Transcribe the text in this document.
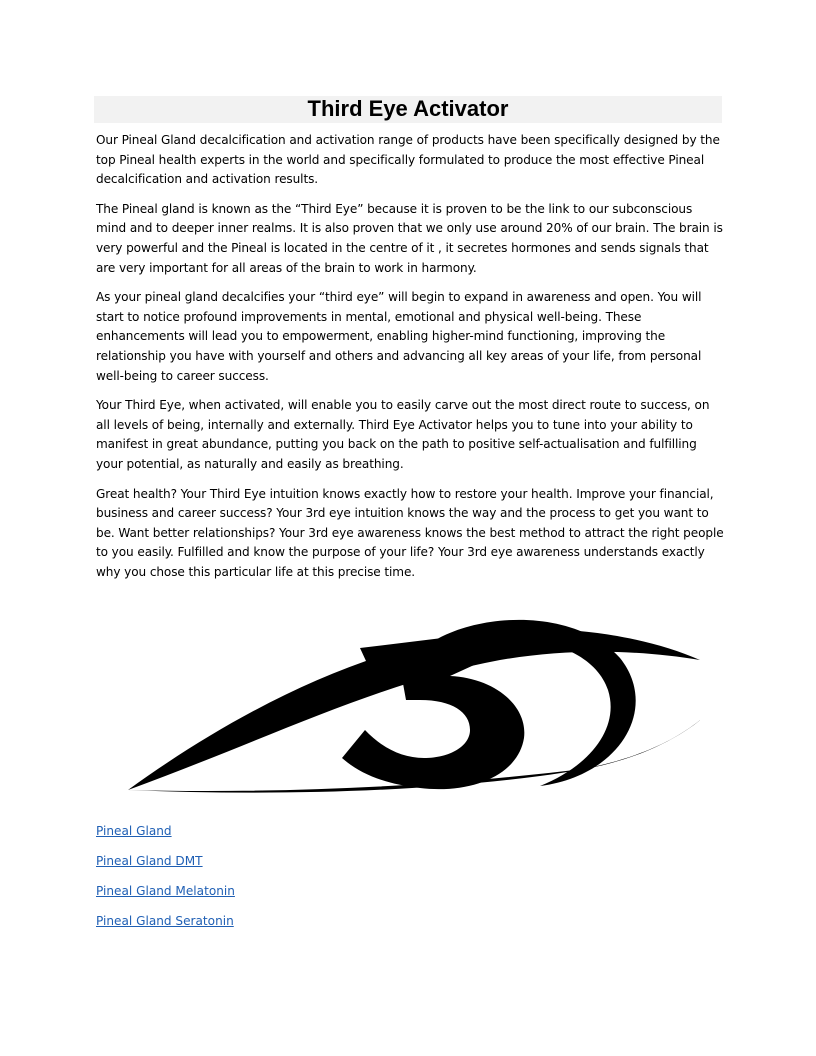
Third Eye Activator

Our Pineal Gland decalcification and activation range of products have been specifically designed by the top Pineal health experts in the world and specifically formulated to produce the most effective Pineal decalcification and activation results.

The Pineal gland is known as the “Third Eye” because it is proven to be the link to our subconscious mind and to deeper inner realms. It is also proven that we only use around 20% of our brain. The brain is very powerful and the Pineal is located in the centre of it , it secretes hormones and sends signals that are very important for all areas of the brain to work in harmony.

As your pineal gland decalcifies your “third eye” will begin to expand in awareness and open. You will start to notice profound improvements in mental, emotional and physical well-being. These enhancements will lead you to empowerment, enabling higher-mind functioning, improving the relationship you have with yourself and others and advancing all key areas of your life, from personal well-being to career success.

Your Third Eye, when activated, will enable you to easily carve out the most direct route to success, on all levels of being, internally and externally. Third Eye Activator helps you to tune into your ability to manifest in great abundance, putting you back on the path to positive self-actualisation and fulfilling your potential, as naturally and easily as breathing.

Great health? Your Third Eye intuition knows exactly how to restore your health. Improve your financial, business and career success? Your 3rd eye intuition knows the way and the process to get you want to be. Want better relationships? Your 3rd eye awareness knows the best method to attract the right people to you easily. Fulfilled and know the purpose of your life? Your 3rd eye awareness understands exactly why you chose this particular life at this precise time.

Pineal Gland
Pineal Gland DMT
Pineal Gland Melatonin
Pineal Gland Seratonin
